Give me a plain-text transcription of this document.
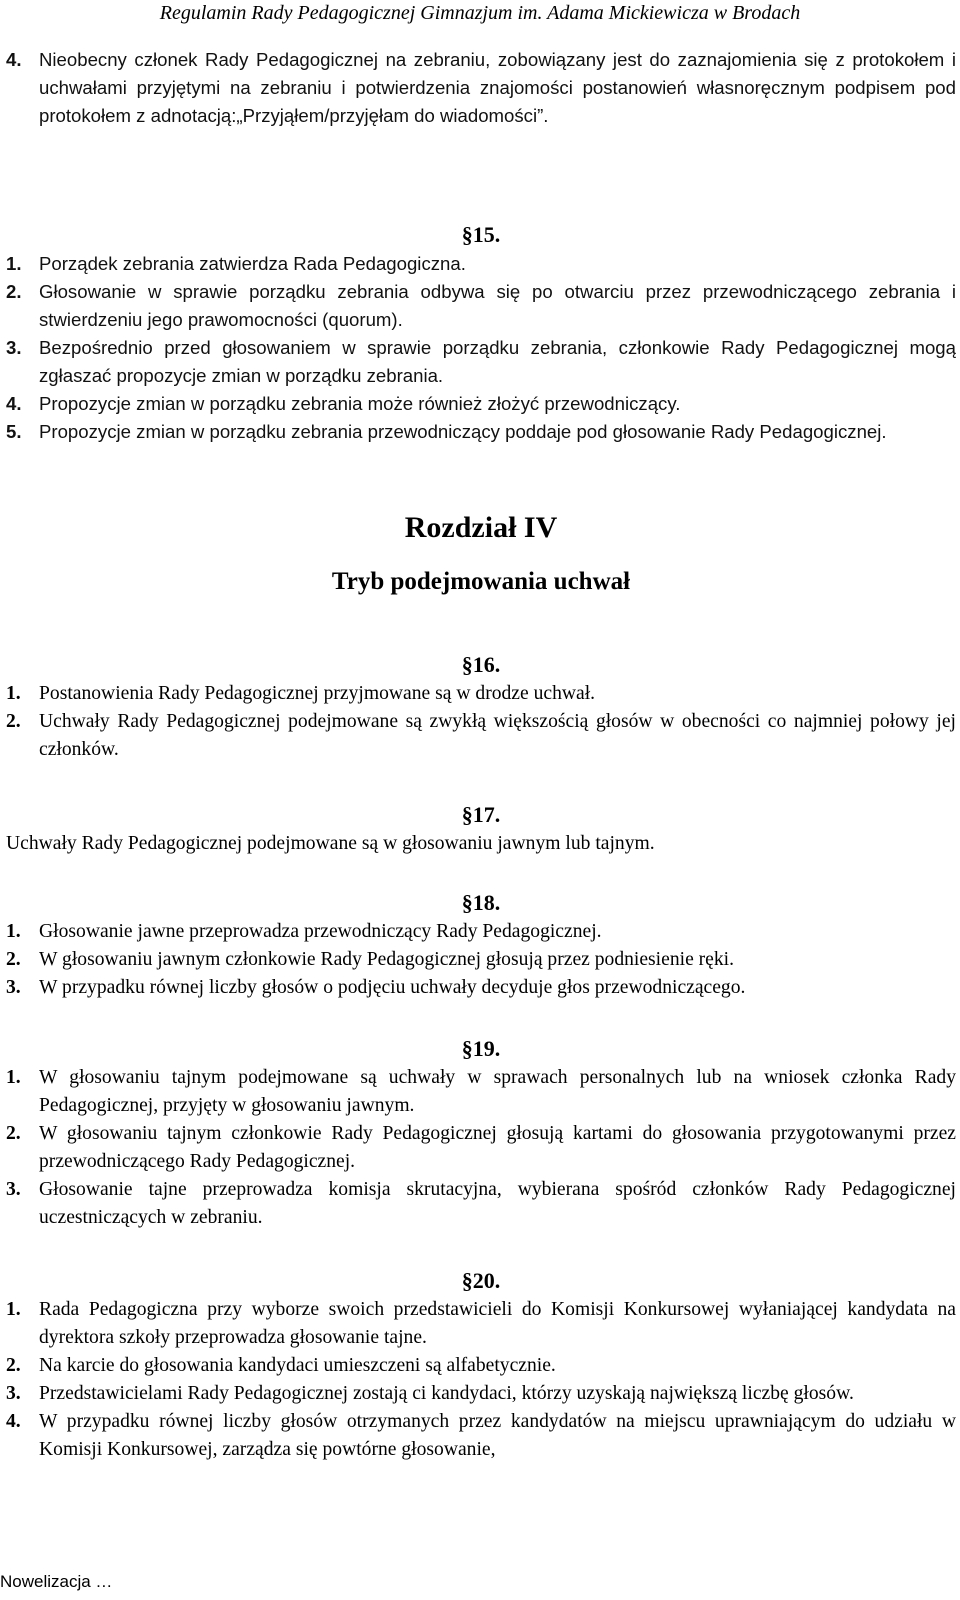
Regulamin Rady Pedagogicznej Gimnazjum im. Adama Mickiewicza w Brodach

4. Nieobecny członek Rady Pedagogicznej na zebraniu, zobowiązany jest do zaznajomienia się z protokołem i uchwałami przyjętymi na zebraniu i potwierdzenia znajomości postanowień własnoręcznym podpisem pod protokołem z adnotacją:„Przyjąłem/przyjęłam do wiadomości”.

§15.

1. Porządek zebrania zatwierdza Rada Pedagogiczna.

2. Głosowanie w sprawie porządku zebrania odbywa się po otwarciu przez przewodniczącego zebrania i stwierdzeniu jego prawomocności (quorum).

3. Bezpośrednio przed głosowaniem w sprawie porządku zebrania, członkowie Rady Pedagogicznej mogą zgłaszać propozycje zmian w porządku zebrania.

4. Propozycje zmian w porządku zebrania może również złożyć przewodniczący.

5. Propozycje zmian w porządku zebrania przewodniczący poddaje pod głosowanie Rady Pedagogicznej.

Rozdział IV

Tryb podejmowania uchwał

§16.

1. Postanowienia Rady Pedagogicznej przyjmowane są w drodze uchwał.

2. Uchwały Rady Pedagogicznej podejmowane są zwykłą większością głosów w obecności co najmniej połowy jej członków.

§17.

Uchwały Rady Pedagogicznej podejmowane są w głosowaniu jawnym lub tajnym.

§18.

1. Głosowanie jawne przeprowadza przewodniczący Rady Pedagogicznej.

2. W głosowaniu jawnym członkowie Rady Pedagogicznej głosują przez podniesienie ręki.

3. W przypadku równej liczby głosów o podjęciu uchwały decyduje głos przewodniczącego.

§19.

1. W głosowaniu tajnym podejmowane są uchwały w sprawach personalnych lub na wniosek członka Rady Pedagogicznej, przyjęty w głosowaniu jawnym.

2. W głosowaniu tajnym członkowie Rady Pedagogicznej głosują kartami do głosowania przygotowanymi przez przewodniczącego Rady Pedagogicznej.

3. Głosowanie tajne przeprowadza komisja skrutacyjna, wybierana spośród członków Rady Pedagogicznej uczestniczących w zebraniu.

§20.

1. Rada Pedagogiczna przy wyborze swoich przedstawicieli do Komisji Konkursowej wyłaniającej kandydata na dyrektora szkoły przeprowadza głosowanie tajne.

2. Na karcie do głosowania kandydaci umieszczeni są alfabetycznie.

3. Przedstawicielami Rady Pedagogicznej zostają ci kandydaci, którzy uzyskają największą liczbę głosów.

4. W przypadku równej liczby głosów otrzymanych przez kandydatów na miejscu uprawniającym do udziału w Komisji Konkursowej, zarządza się powtórne głosowanie,

Nowelizacja …
